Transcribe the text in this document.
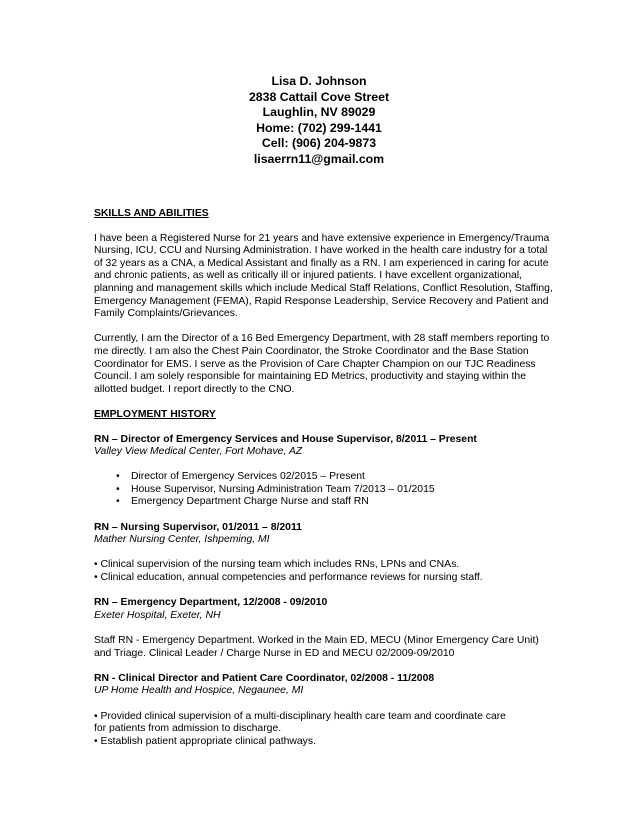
Lisa D. Johnson
2838 Cattail Cove Street
Laughlin, NV 89029
Home: (702) 299-1441
Cell: (906) 204-9873
lisaerrn11@gmail.com
SKILLS AND ABILITIES

I have been a Registered Nurse for 21 years and have extensive experience in Emergency/Trauma Nursing, ICU, CCU and Nursing Administration. I have worked in the health care industry for a total of 32 years as a CNA, a Medical Assistant and finally as a RN. I am experienced in caring for acute and chronic patients, as well as critically ill or injured patients. I have excellent organizational, planning and management skills which include Medical Staff Relations, Conflict Resolution, Staffing, Emergency Management (FEMA), Rapid Response Leadership, Service Recovery and Patient and Family Complaints/Grievances.

Currently, I am the Director of a 16 Bed Emergency Department, with 28 staff members reporting to me directly. I am also the Chest Pain Coordinator, the Stroke Coordinator and the Base Station Coordinator for EMS. I serve as the Provision of Care Chapter Champion on our TJC Readiness Council. I am solely responsible for maintaining ED Metrics, productivity and staying within the allotted budget. I report directly to the CNO.

EMPLOYMENT HISTORY
RN – Director of Emergency Services and House Supervisor, 8/2011 – Present
Valley View Medical Center, Fort Mohave, AZ
• Director of Emergency Services 02/2015 – Present
• House Supervisor, Nursing Administration Team 7/2013 – 01/2015
• Emergency Department Charge Nurse and staff RN
RN – Nursing Supervisor, 01/2011 – 8/2011
Mather Nursing Center, Ishpeming, MI
• Clinical supervision of the nursing team which includes RNs, LPNs and CNAs.
• Clinical education, annual competencies and performance reviews for nursing staff.
RN – Emergency Department, 12/2008 - 09/2010
Exeter Hospital, Exeter, NH
Staff RN - Emergency Department. Worked in the Main ED, MECU (Minor Emergency Care Unit) and Triage. Clinical Leader / Charge Nurse in ED and MECU 02/2009-09/2010
RN - Clinical Director and Patient Care Coordinator, 02/2008 - 11/2008
UP Home Health and Hospice, Negaunee, MI
• Provided clinical supervision of a multi-disciplinary health care team and coordinate care
for patients from admission to discharge.
• Establish patient appropriate clinical pathways.
